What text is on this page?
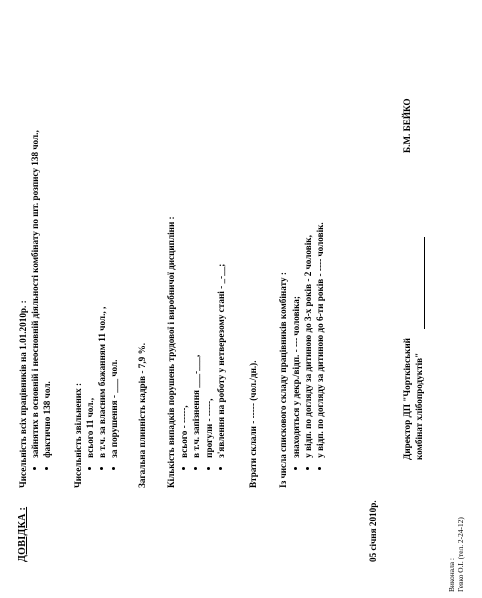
ДОВІДКА :
Чисельність всіх працівників на 1.01.2010р. : зайнятих в основній і неосновній діяльності комбінату по шт. розпису 138 чол., фактично 138 чол. Чисельність звільнених : всього 11 чол., в т.ч. за власним бажанням 11 чол., , за порушення - ___ чол. Загальна плинність кадрів - 7,9 %. Кількість випадків порушень трудової і виробничої дисципліни : всього - -----, в т.ч. запізнення ___-___, прогули - -----, з'явлення на роботу у нетверезому стані - _-__; Втрати склали - ----- (чол./дн.). Із числа спискового складу працівників комбінату : знаходяться у декр./відп. - --- чоловіка; у відп. по догляду за дитиною до 3-х років - 2 чоловік, у відп. по догляду за дитиною до 6-ти років - ---- чоловік.
05 січня 2010р.
Директор ДП "Чортківський комбінат хлібопродуктів"
Б.М. БЕЙКО
Виконала : Гевко О.І. (тел. 2-24-12)
